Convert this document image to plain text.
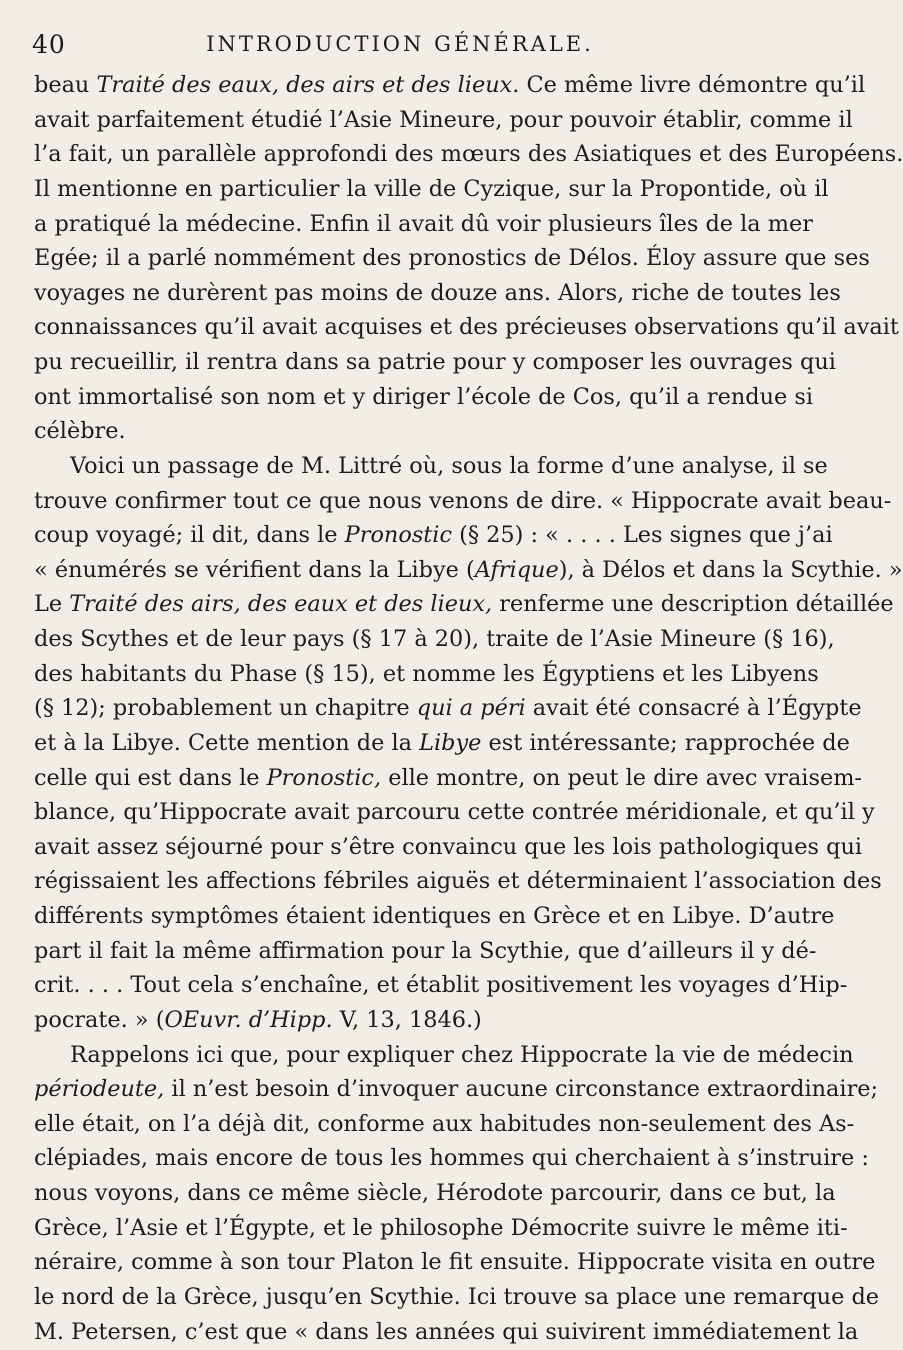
40	INTRODUCTION GÉNÉRALE.
beau Traité des eaux, des airs et des lieux. Ce même livre démontre qu’il
avait parfaitement étudié l’Asie Mineure, pour pouvoir établir, comme il
l’a fait, un parallèle approfondi des mœurs des Asiatiques et des Européens.
Il mentionne en particulier la ville de Cyzique, sur la Propontide, où il
a pratiqué la médecine. Enfin il avait dû voir plusieurs îles de la mer
Egée; il a parlé nommément des pronostics de Délos. Éloy assure que ses
voyages ne durèrent pas moins de douze ans. Alors, riche de toutes les
connaissances qu’il avait acquises et des précieuses observations qu’il avait
pu recueillir, il rentra dans sa patrie pour y composer les ouvrages qui
ont immortalisé son nom et y diriger l’école de Cos, qu’il a rendue si
célèbre.
Voici un passage de M. Littré où, sous la forme d’une analyse, il se
trouve confirmer tout ce que nous venons de dire. « Hippocrate avait beau-
coup voyagé; il dit, dans le Pronostic (§ 25) : « . . . . Les signes que j’ai
« énumérés se vérifient dans la Libye (Afrique), à Délos et dans la Scythie. »
Le Traité des airs, des eaux et des lieux, renferme une description détaillée
des Scythes et de leur pays (§ 17 à 20), traite de l’Asie Mineure (§ 16),
des habitants du Phase (§ 15), et nomme les Égyptiens et les Libyens
(§ 12); probablement un chapitre qui a péri avait été consacré à l’Égypte
et à la Libye. Cette mention de la Libye est intéressante; rapprochée de
celle qui est dans le Pronostic, elle montre, on peut le dire avec vraisem-
blance, qu’Hippocrate avait parcouru cette contrée méridionale, et qu’il y
avait assez séjourné pour s’être convaincu que les lois pathologiques qui
régissaient les affections fébriles aiguës et déterminaient l’association des
différents symptômes étaient identiques en Grèce et en Libye. D’autre
part il fait la même affirmation pour la Scythie, que d’ailleurs il y dé-
crit. . . . Tout cela s’enchaîne, et établit positivement les voyages d’Hip-
pocrate. » (OEuvr. d’Hipp. V, 13, 1846.)
Rappelons ici que, pour expliquer chez Hippocrate la vie de médecin
périodeute, il n’est besoin d’invoquer aucune circonstance extraordinaire;
elle était, on l’a déjà dit, conforme aux habitudes non-seulement des As-
clépiades, mais encore de tous les hommes qui cherchaient à s’instruire :
nous voyons, dans ce même siècle, Hérodote parcourir, dans ce but, la
Grèce, l’Asie et l’Égypte, et le philosophe Démocrite suivre le même iti-
néraire, comme à son tour Platon le fit ensuite. Hippocrate visita en outre
le nord de la Grèce, jusqu’en Scythie. Ici trouve sa place une remarque de
M. Petersen, c’est que « dans les années qui suivirent immédiatement la
